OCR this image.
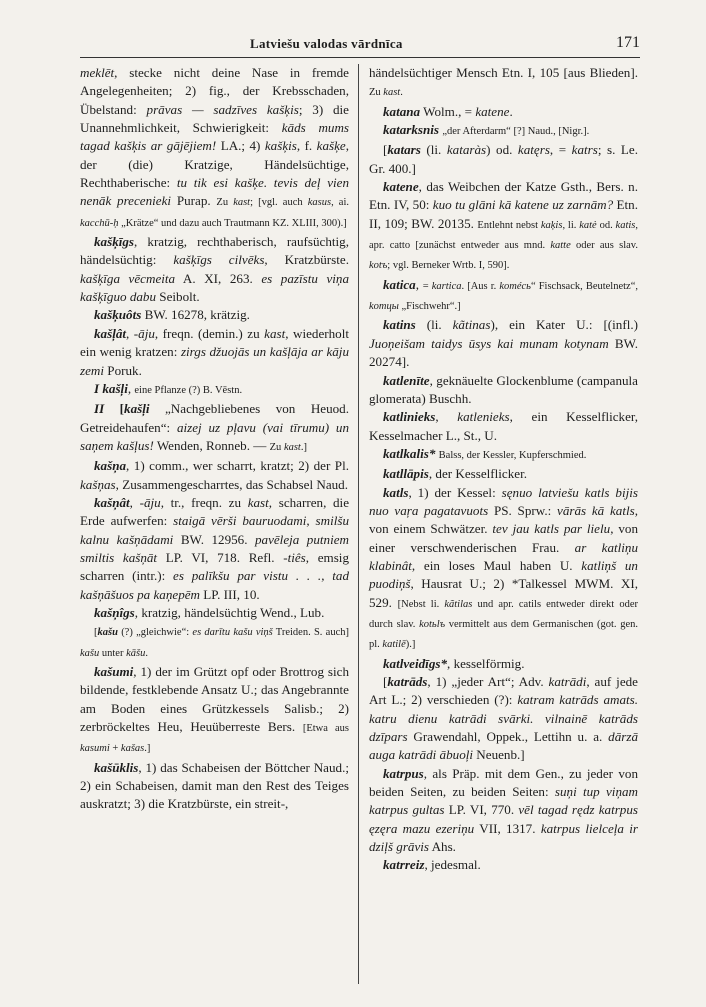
Latviešu valodas vārdnīca	171

meklēt, stecke nicht deine Nase in fremde Angelegenheiten; 2) fig., der Krebsschaden, Übelstand: prāvas — sadzīves kašķis; 3) die Unannehmlichkeit, Schwierigkeit: kāds mums tagad kašķis ar gājējiem! LA.; 4) kašķis, f. kašķe, der (die) Kratzige, Händelsüchtige, Rechthaberische: tu tik esi kašķe. tevis deļ vien nenāk precenieki Purap. Zu kast; [vgl. auch kasus, ai. kacchū-ḥ „Krätze“ und dazu auch Trautmann KZ. XLIII, 300).]

kašķīgs, kratzig, rechthaberisch, raufsüchtig, händelsüchtig: kašķīgs cilvēks, Kratzbürste. kašķīga vēcmeita A. XI, 263. es pazīstu viņa kašķīguo dabu Seibolt.

kašķuôts BW. 16278, krätzig.

kašļât, -āju, freqn. (demin.) zu kast, wiederholt ein wenig kratzen: zirgs džuojās un kašļāja ar kāju zemi Poruk.

I kašļi, eine Pflanze (?) B. Vēstn.

II [kašļi „Nachgebliebenes von Heuod. Getreidehaufen“: aizej uz pļavu (vai tīrumu) un saņem kašļus! Wenden, Ronneb. — Zu kast.]

kašņa, 1) comm., wer scharrt, kratzt; 2) der Pl. kašņas, Zusammengescharrtes, das Schabsel Naud.

kašņât, -āju, tr., freqn. zu kast, scharren, die Erde aufwerfen: staigā vērši bauruodami, smilšu kalnu kašņādami BW. 12956. pavēleja putniem smiltis kašņāt LP. VI, 718. Refl. -tiês, emsig scharren (intr.): es palīkšu par vistu . . ., tad kašņāšuos pa kaņepēm LP. III, 10.

kašņîgs, kratzig, händelsüchtig Wend., Lub.

[kašu (?) „gleichwie“: es darītu kašu viņš Treiden. S. auch] kašu unter kāšu.

kašumi, 1) der im Grützt opf oder Brottrog sich bildende, festklebende Ansatz U.; das Angebrannte am Boden eines Grützkessels Salisb.; 2) zerbröckeltes Heu, Heuüberreste Bers. [Etwa aus kasumi + kašas.]

kašūklis, 1) das Schabeisen der Böttcher Naud.; 2) ein Schabeisen, damit man den Rest des Teiges auskratzt; 3) die Kratzbürste, ein streit-,

händelsüchtiger Mensch Etn. I, 105 [aus Blieden]. Zu kast.

katana Wolm., = katene.

katarksnis „der Afterdarm“ [?] Naud., [Nigr.].

[katars (li. kataràs) od. katęrs, = katrs; s. Le. Gr. 400.]

katene, das Weibchen der Katze Gsth., Bers. n. Etn. IV, 50: kuo tu glāni kā katene uz zarnām? Etn. II, 109; BW. 20135. Entlehnt nebst kaķis, li. katė od. katis, apr. catto [zunächst entweder aus mnd. katte oder aus slav. kotъ; vgl. Berneker Wrtb. I, 590].

katica, = kartica. [Aus r. komécь“ Fischsack, Beutelnetz“, komцы „Fischwehr“.]

katins (li. kãtinas), ein Kater U.: [(infl.) Juoņeišam taidys ūsys kai munam kotynam BW. 20274].

katlenīte, geknäuelte Glockenblume (campanula glomerata) Buschh.

katlinieks, katlenieks, ein Kesselflicker, Kesselmacher L., St., U.

katlkalis* Balss, der Kessler, Kupferschmied.

katllāpis, der Kesselflicker.

katls, 1) der Kessel: sęnuo latviešu katls bijis nuo vaŗa pagatavuots PS. Sprw.: vārās kā katls, von einem Schwätzer. tev jau katls par lielu, von einer verschwenderischen Frau. ar katliņu klabinât, ein loses Maul haben U. katliņš un puodiņš, Hausrat U.; 2) *Talkessel MWM. XI, 529. [Nebst li. kãtilas und apr. catils entweder direkt oder durch slav. kotьlъ vermittelt aus dem Germanischen (got. gen. pl. katilē).]

katlveidīgs*, kesselförmig.

[katrāds, 1) „jeder Art“; Adv. katrādi, auf jede Art L.; 2) verschieden (?): katram katrāds amats. katru dienu katrādi svārki. vilnainē katrāds dzīpars Grawendahl, Oppek., Lettihn u. a. dārzā auga katrādi ābuoļi Neuenb.]

katrpus, als Präp. mit dem Gen., zu jeder von beiden Seiten, zu beiden Seiten: suņi tup viņam katrpus gultas LP. VI, 770. vēl tagad rędz katrpus ęzęra mazu ezeriņu VII, 1317. katrpus lielceļa ir dziļš grāvis Ahs.

katrreiz, jedesmal.
